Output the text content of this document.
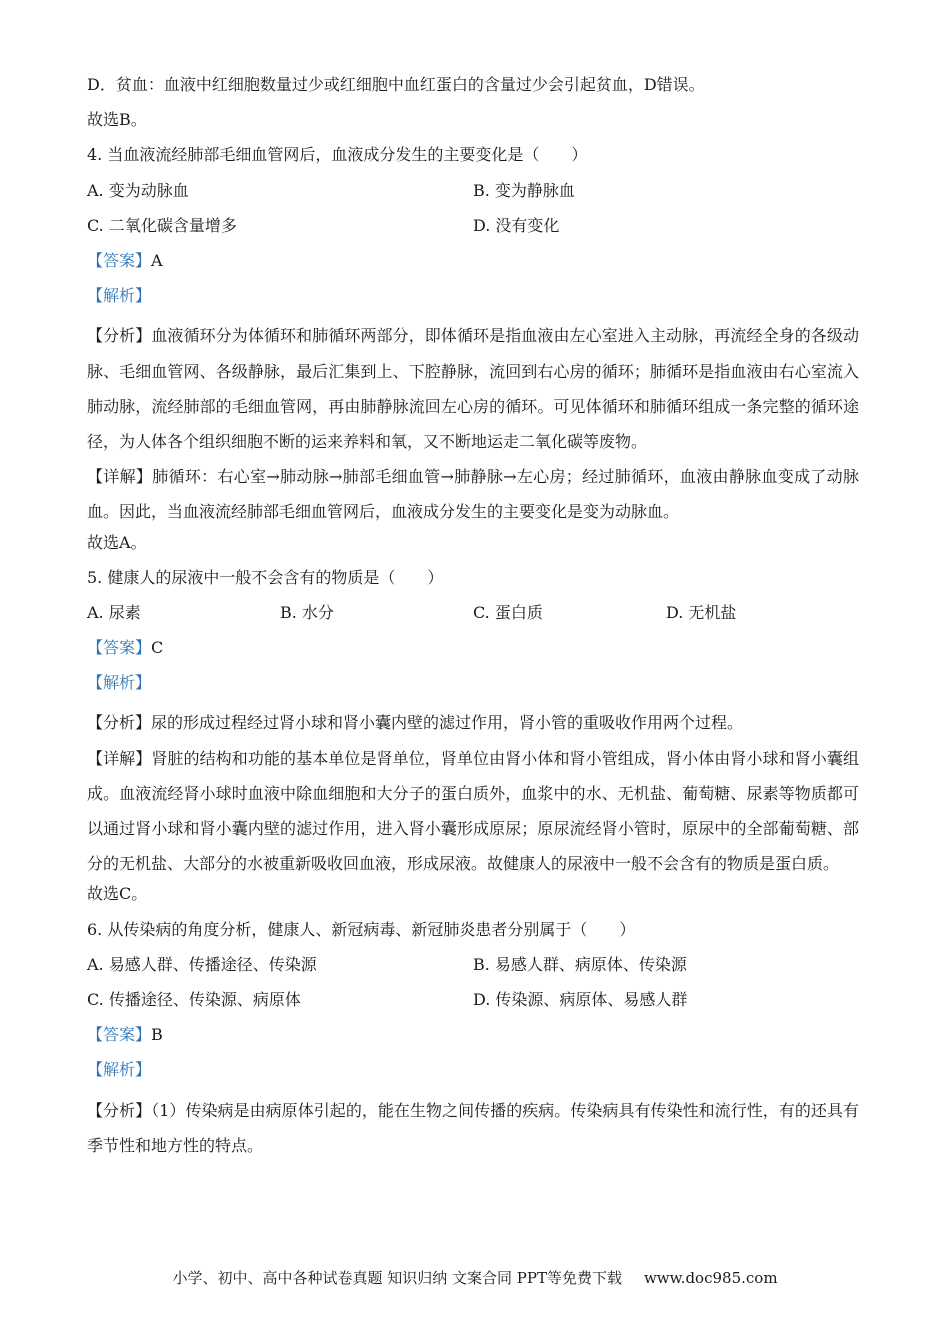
D．贫血：血液中红细胞数量过少或红细胞中血红蛋白的含量过少会引起贫血，D错误。
故选B。
4. 当血液流经肺部毛细血管网后，血液成分发生的主要变化是（　　）
A. 变为动脉血	B. 变为静脉血
C. 二氧化碳含量增多	D. 没有变化
【答案】A
【解析】

【分析】血液循环分为体循环和肺循环两部分，即体循环是指血液由左心室进入主动脉，再流经全身的各级动脉、毛细血管网、各级静脉，最后汇集到上、下腔静脉，流回到右心房的循环；肺循环是指血液由右心室流入肺动脉，流经肺部的毛细血管网，再由肺静脉流回左心房的循环。可见体循环和肺循环组成一条完整的循环途径，为人体各个组织细胞不断的运来养料和氧，又不断地运走二氧化碳等废物。

【详解】肺循环：右心室→肺动脉→肺部毛细血管→肺静脉→左心房；经过肺循环，血液由静脉血变成了动脉血。因此，当血液流经肺部毛细血管网后，血液成分发生的主要变化是变为动脉血。

故选A。
5. 健康人的尿液中一般不会含有的物质是（　　）
A. 尿素	B. 水分	C. 蛋白质	D. 无机盐
【答案】C
【解析】

【分析】尿的形成过程经过肾小球和肾小囊内壁的滤过作用，肾小管的重吸收作用两个过程。

【详解】肾脏的结构和功能的基本单位是肾单位，肾单位由肾小体和肾小管组成，肾小体由肾小球和肾小囊组成。血液流经肾小球时血液中除血细胞和大分子的蛋白质外，血浆中的水、无机盐、葡萄糖、尿素等物质都可以通过肾小球和肾小囊内壁的滤过作用，进入肾小囊形成原尿；原尿流经肾小管时，原尿中的全部葡萄糖、部分的无机盐、大部分的水被重新吸收回血液，形成尿液。故健康人的尿液中一般不会含有的物质是蛋白质。

故选C。
6. 从传染病的角度分析，健康人、新冠病毒、新冠肺炎患者分别属于（　　）
A. 易感人群、传播途径、传染源	B. 易感人群、病原体、传染源
C. 传播途径、传染源、病原体	D. 传染源、病原体、易感人群
【答案】B
【解析】

【分析】（1）传染病是由病原体引起的，能在生物之间传播的疾病。传染病具有传染性和流行性，有的还具有季节性和地方性的特点。

小学、初中、高中各种试卷真题 知识归纳 文案合同 PPT等免费下载 www.doc985.com
